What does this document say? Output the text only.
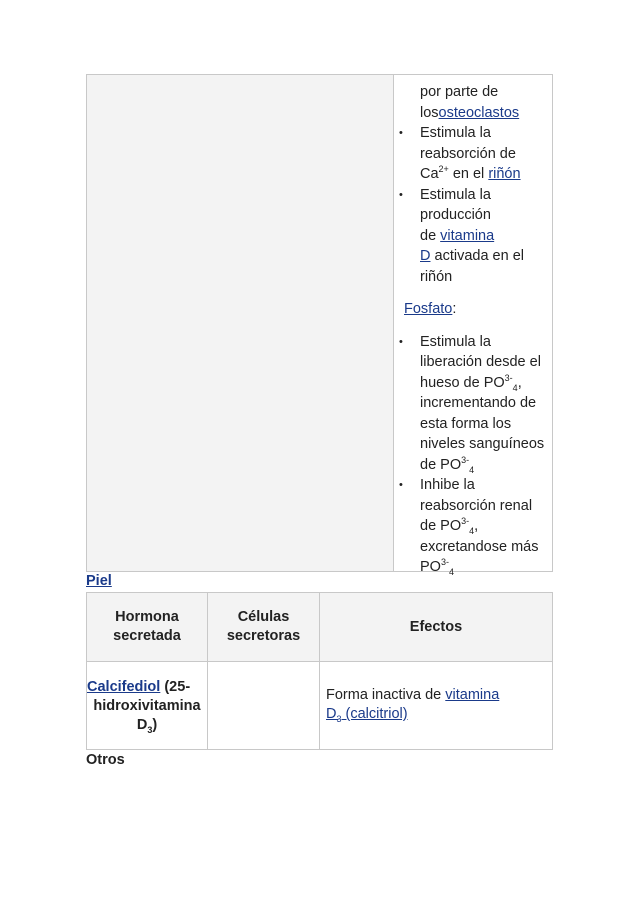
por parte de
lososteoclastos
• Estimula la
reabsorción de
$Ca^{2+}$ en el riñón
• Estimula la
producción
de vitamina
D activada en el
riñón

Fosfato:

• Estimula la
liberación desde el
hueso de $PO^{3-}_4$,
incrementando de
esta forma los
niveles sanguíneos
de $PO^{3-}_4$
• Inhibe la
reabsorción renal
de $PO^{3-}_4$,
excretandose más
$PO^{3-}_4$
Piel
Hormona secretada
Células secretoras
Efectos
Calcifediol (25-
hidroxivitamina
$D_3$)
Forma inactiva de vitamina
$D_3$ (calcitriol)
Otros
